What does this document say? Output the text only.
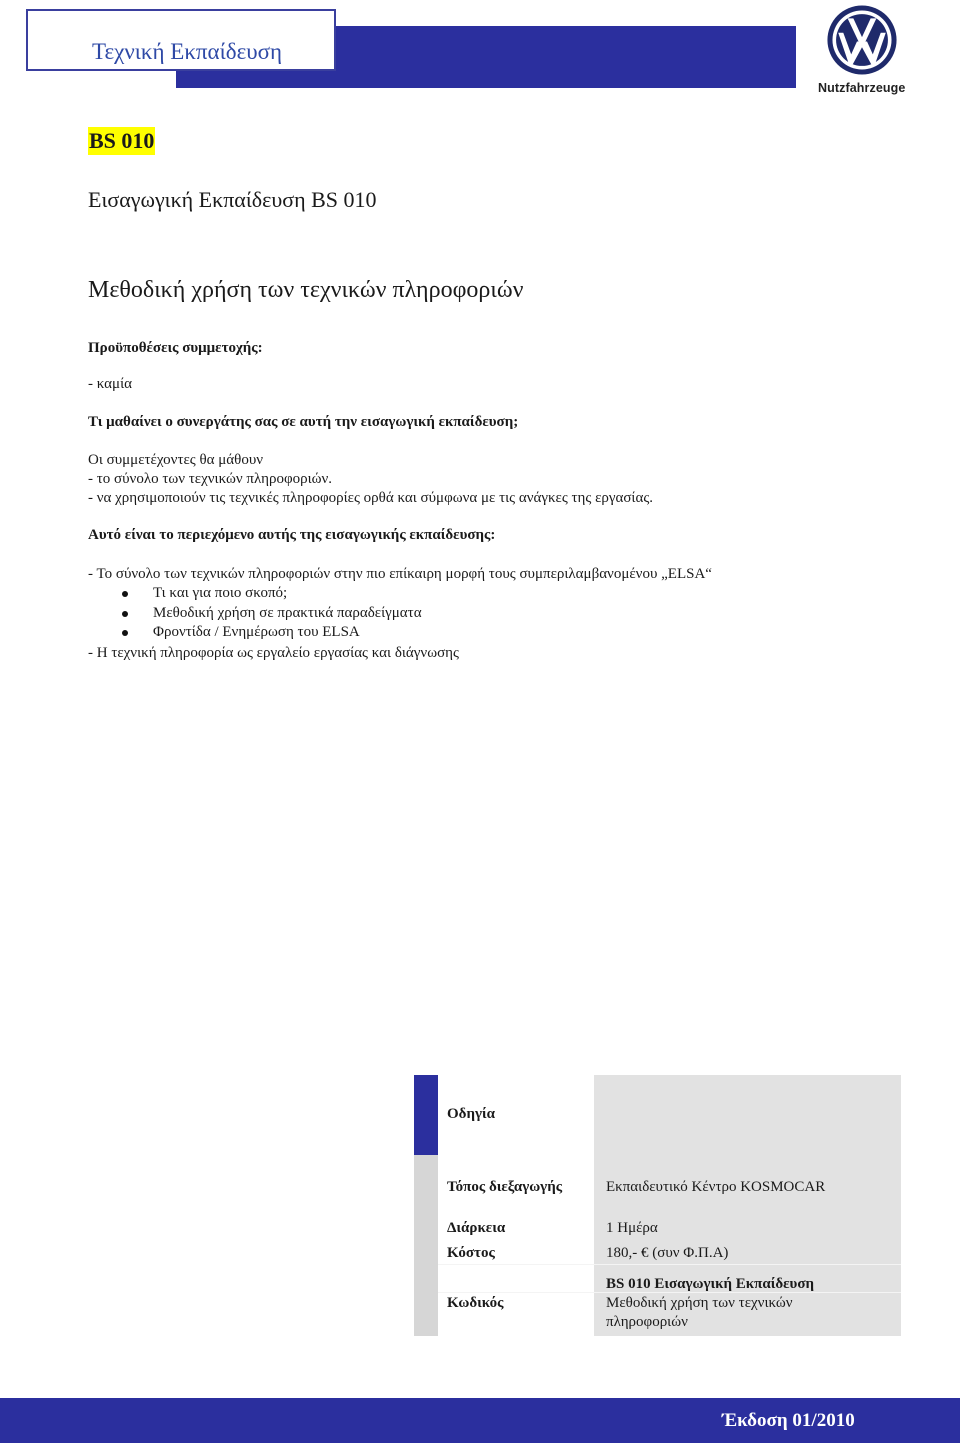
Τεχνική Εκπαίδευση
Nutzfahrzeuge
BS 010
Εισαγωγική Εκπαίδευση BS 010
Μεθοδική χρήση των τεχνικών πληροφοριών
Προϋποθέσεις συμμετοχής:
- καμία
Τι μαθαίνει ο συνεργάτης σας σε αυτή την εισαγωγική εκπαίδευση;
Οι συμμετέχοντες θα μάθουν
- το σύνολο των τεχνικών πληροφοριών.
- να χρησιμοποιούν τις τεχνικές πληροφορίες ορθά και σύμφωνα με τις ανάγκες της εργασίας.
Αυτό είναι το περιεχόμενο αυτής της εισαγωγικής εκπαίδευσης:
- Το σύνολο των τεχνικών πληροφοριών στην πιο επίκαιρη μορφή τους συμπεριλαμβανομένου „ELSA“
Τι και για ποιο σκοπό;
Μεθοδική χρήση σε πρακτικά παραδείγματα
Φροντίδα / Ενημέρωση του ELSA
- Η τεχνική πληροφορία ως εργαλείο εργασίας και διάγνωσης
Οδηγία
Τόπος διεξαγωγής	Εκπαιδευτικό Κέντρο KOSMOCAR
Διάρκεια	1 Ημέρα
Κόστος	180,- € (συν Φ.Π.Α)
Κωδικός
BS 010 Εισαγωγική Εκπαίδευση
Μεθοδική χρήση των τεχνικών
πληροφοριών
Έκδοση 01/2010
